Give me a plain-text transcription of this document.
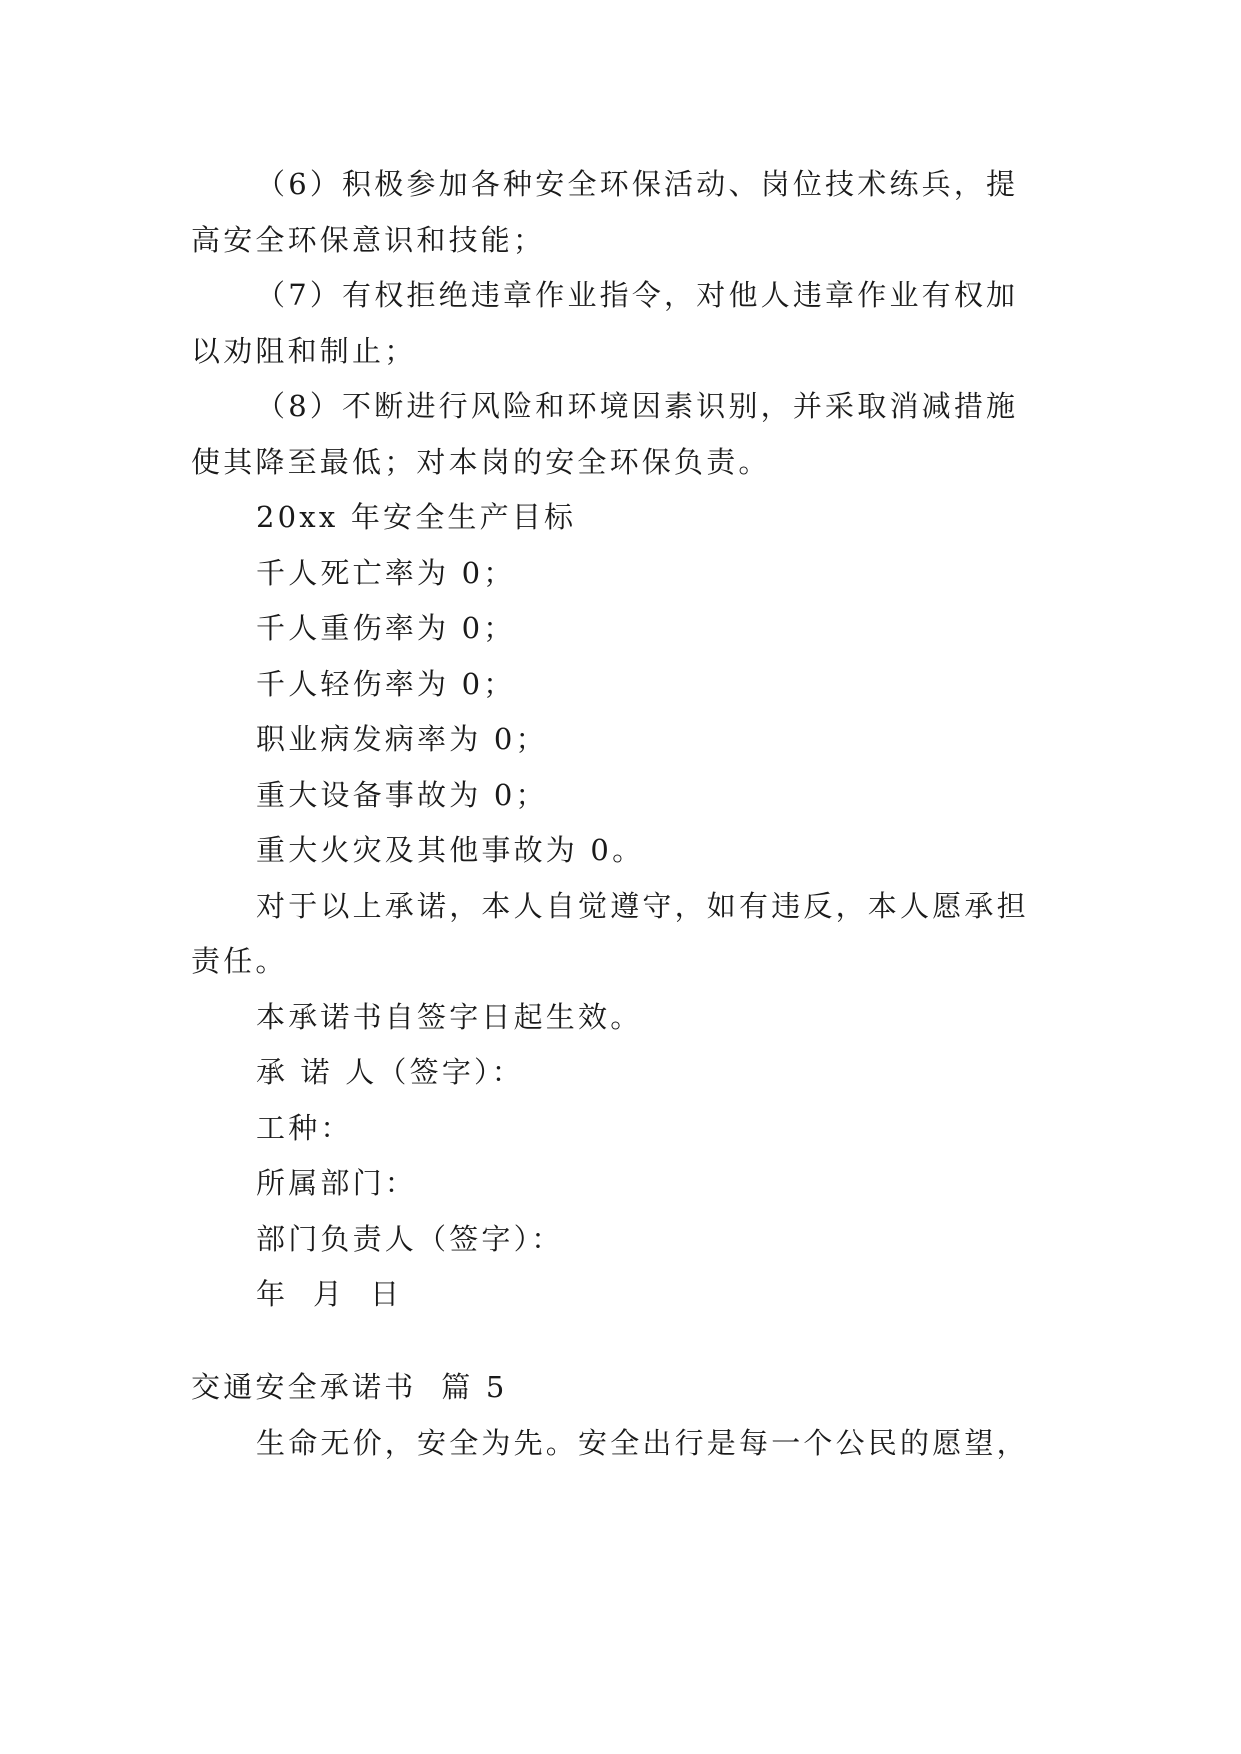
（6）积极参加各种安全环保活动、岗位技术练兵，提
高安全环保意识和技能；
（7）有权拒绝违章作业指令，对他人违章作业有权加
以劝阻和制止；
（8）不断进行风险和环境因素识别，并采取消减措施
使其降至最低；对本岗的安全环保负责。
20xx 年安全生产目标
千人死亡率为 0；
千人重伤率为 0；
千人轻伤率为 0；
职业病发病率为 0；
重大设备事故为 0；
重大火灾及其他事故为 0。
对于以上承诺，本人自觉遵守，如有违反，本人愿承担
责任。
本承诺书自签字日起生效。
承 诺 人（签字）：
工种：
所属部门：
部门负责人（签字）：
年  月  日
交通安全承诺书  篇 5
生命无价，安全为先。安全出行是每一个公民的愿望，
